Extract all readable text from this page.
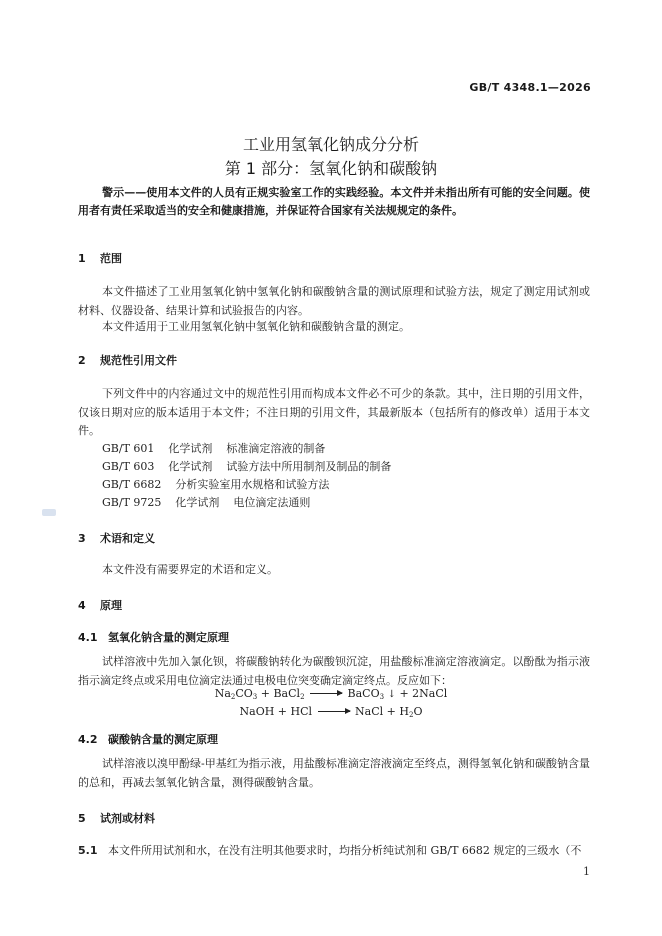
GB/T 4348.1—2026
工业用氢氧化钠成分分析
第 1 部分：氢氧化钠和碳酸钠
警示——使用本文件的人员有正规实验室工作的实践经验。本文件并未指出所有可能的安全问题。使用者有责任采取适当的安全和健康措施，并保证符合国家有关法规规定的条件。
1 范围
本文件描述了工业用氢氧化钠中氢氧化钠和碳酸钠含量的测试原理和试验方法，规定了测定用试剂或材料、仪器设备、结果计算和试验报告的内容。
本文件适用于工业用氢氧化钠中氢氧化钠和碳酸钠含量的测定。
2 规范性引用文件
下列文件中的内容通过文中的规范性引用而构成本文件必不可少的条款。其中，注日期的引用文件，仅该日期对应的版本适用于本文件；不注日期的引用文件，其最新版本（包括所有的修改单）适用于本文件。
GB/T 601    化学试剂    标准滴定溶液的制备
GB/T 603    化学试剂    试验方法中所用制剂及制品的制备
GB/T 6682    分析实验室用水规格和试验方法
GB/T 9725    化学试剂    电位滴定法通则
3 术语和定义
本文件没有需要界定的术语和定义。
4 原理
4.1 氢氧化钠含量的测定原理
试样溶液中先加入氯化钡，将碳酸钠转化为碳酸钡沉淀，用盐酸标准滴定溶液滴定。以酚酞为指示液指示滴定终点或采用电位滴定法通过电极电位突变确定滴定终点。反应如下：
$Na_2CO_3$ + BaCl$_2$	BaCO$_3$ ↓ + 2NaCl
NaOH + HCl	NaCl + $H_2O$
4.2 碳酸钠含量的测定原理
试样溶液以溴甲酚绿-甲基红为指示液，用盐酸标准滴定溶液滴定至终点，测得氢氧化钠和碳酸钠含量的总和，再减去氢氧化钠含量，测得碳酸钠含量。
5 试剂或材料
5.1 本文件所用试剂和水，在没有注明其他要求时，均指分析纯试剂和 GB/T 6682 规定的三级水（不
1
